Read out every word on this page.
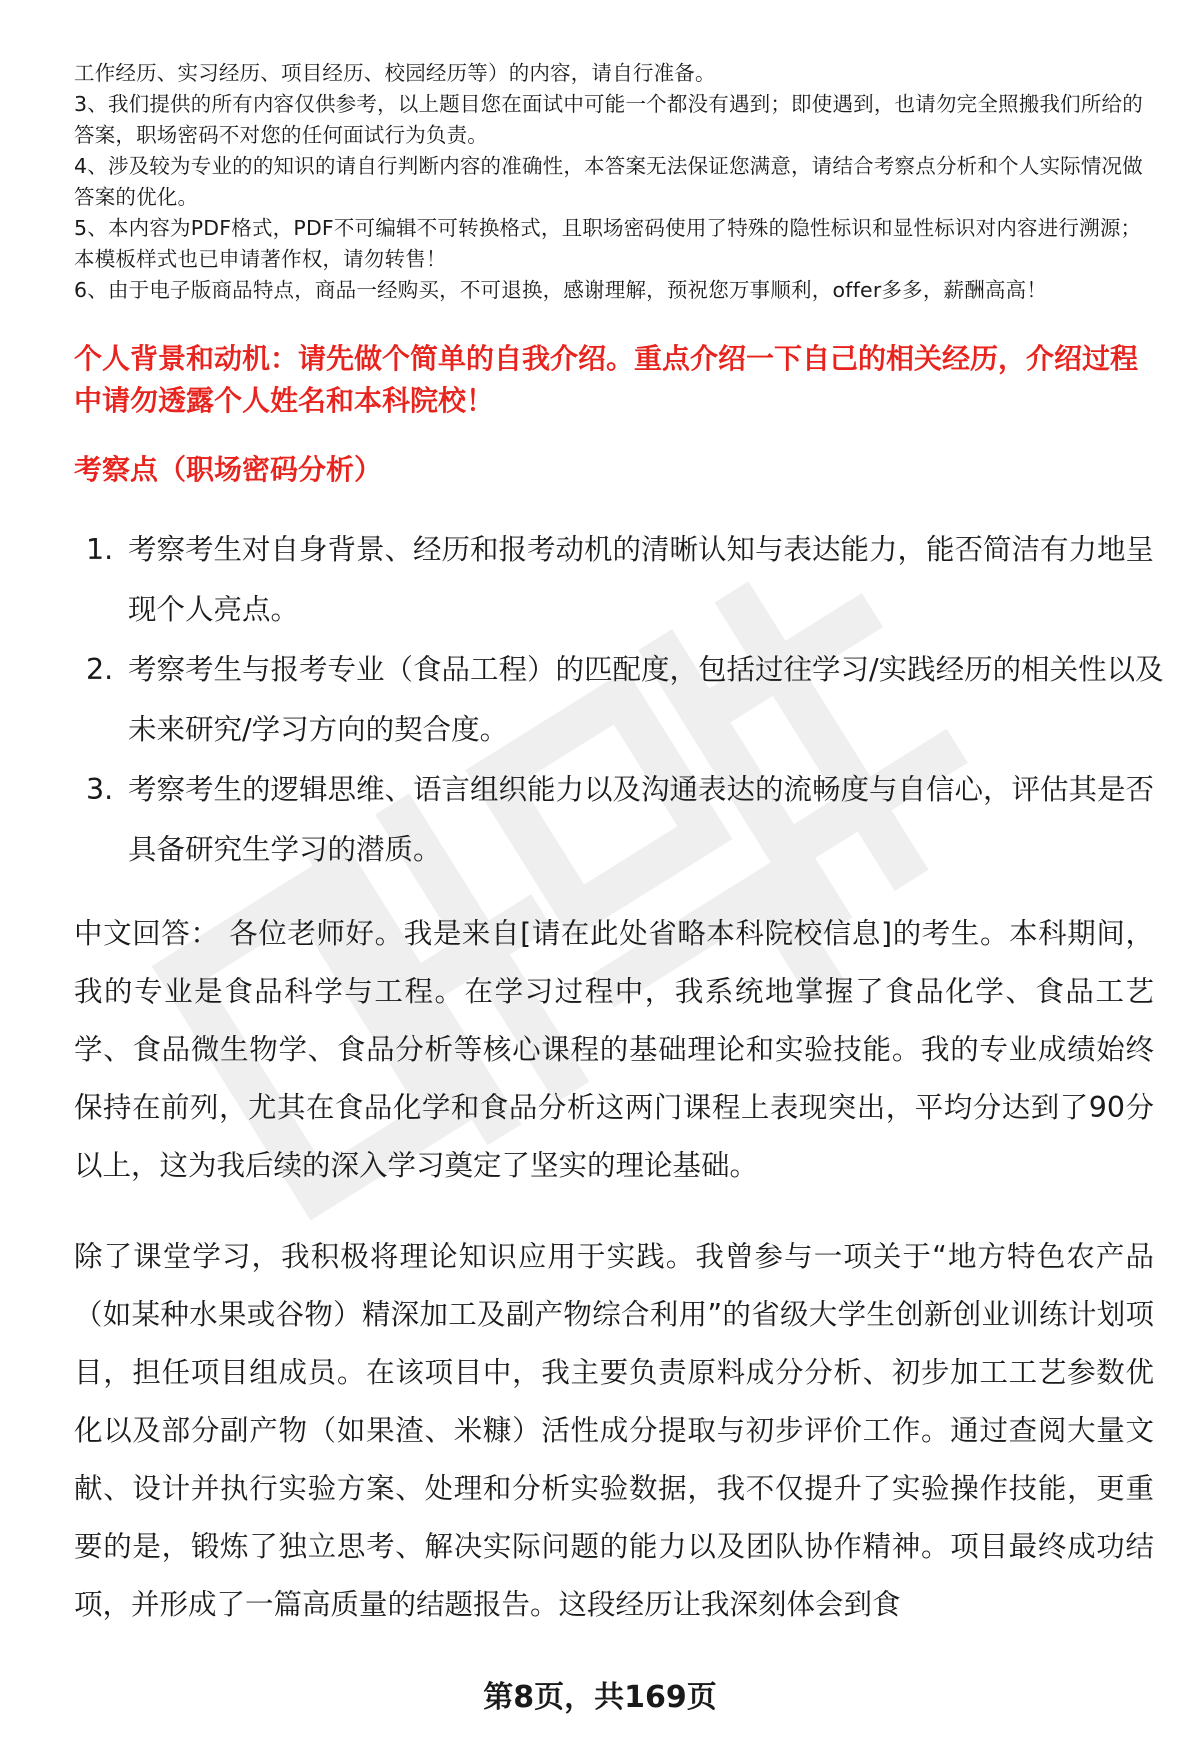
工作经历、实习经历、项目经历、校园经历等）的内容，请自行准备。

3、我们提供的所有内容仅供参考，以上题目您在面试中可能一个都没有遇到；即使遇到，也请勿完全照搬我们所给的答案，职场密码不对您的任何面试行为负责。

4、涉及较为专业的的知识的请自行判断内容的准确性，本答案无法保证您满意，请结合考察点分析和个人实际情况做答案的优化。

5、本内容为PDF格式，PDF不可编辑不可转换格式，且职场密码使用了特殊的隐性标识和显性标识对内容进行溯源；本模板样式也已申请著作权，请勿转售！

6、由于电子版商品特点，商品一经购买，不可退换，感谢理解，预祝您万事顺利，offer多多，薪酬高高！

个人背景和动机：请先做个简单的自我介绍。重点介绍一下自己的相关经历，介绍过程中请勿透露个人姓名和本科院校！
考察点（职场密码分析）
1. 考察考生对自身背景、经历和报考动机的清晰认知与表达能力，能否简洁有力地呈现个人亮点。
2. 考察考生与报考专业（食品工程）的匹配度，包括过往学习/实践经历的相关性以及未来研究/学习方向的契合度。
3. 考察考生的逻辑思维、语言组织能力以及沟通表达的流畅度与自信心，评估其是否具备研究生学习的潜质。

中文回答： 各位老师好。我是来自[请在此处省略本科院校信息]的考生。本科期间，我的专业是食品科学与工程。在学习过程中，我系统地掌握了食品化学、食品工艺学、食品微生物学、食品分析等核心课程的基础理论和实验技能。我的专业成绩始终保持在前列，尤其在食品化学和食品分析这两门课程上表现突出，平均分达到了90分以上，这为我后续的深入学习奠定了坚实的理论基础。

除了课堂学习，我积极将理论知识应用于实践。我曾参与一项关于“地方特色农产品（如某种水果或谷物）精深加工及副产物综合利用”的省级大学生创新创业训练计划项目，担任项目组成员。在该项目中，我主要负责原料成分分析、初步加工工艺参数优化以及部分副产物（如果渣、米糠）活性成分提取与初步评价工作。通过查阅大量文献、设计并执行实验方案、处理和分析实验数据，我不仅提升了实验操作技能，更重要的是，锻炼了独立思考、解决实际问题的能力以及团队协作精神。项目最终成功结项，并形成了一篇高质量的结题报告。这段经历让我深刻体会到食

第8页，共169页
